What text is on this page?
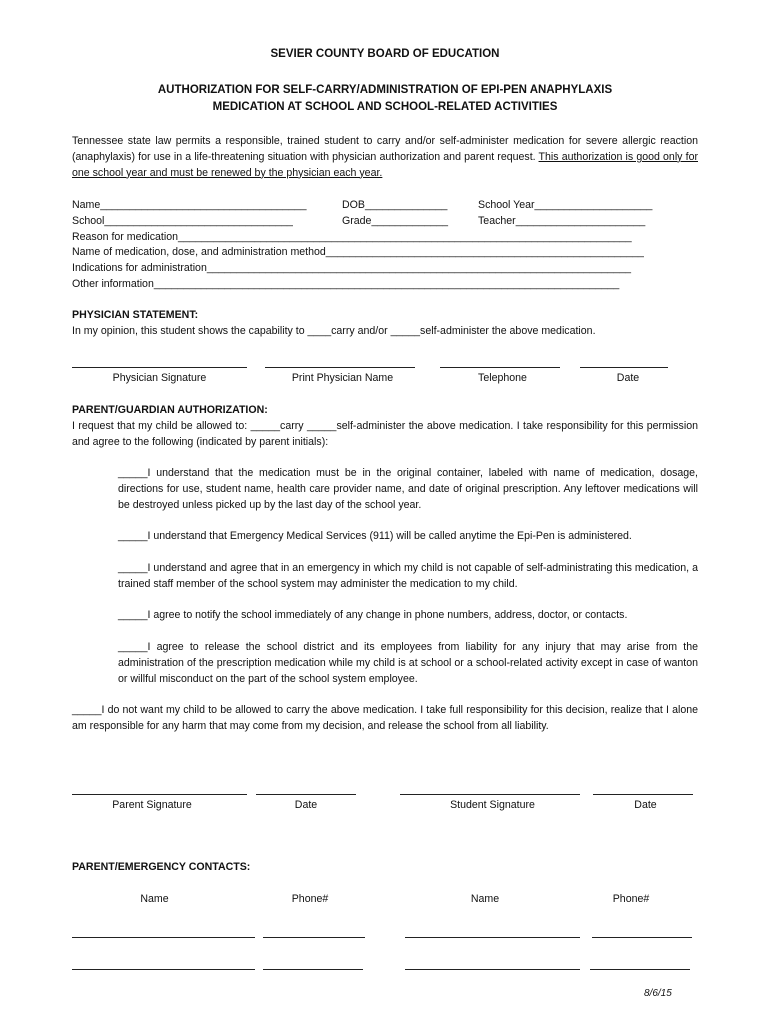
SEVIER COUNTY BOARD OF EDUCATION
AUTHORIZATION FOR SELF-CARRY/ADMINISTRATION OF EPI-PEN ANAPHYLAXIS
MEDICATION AT SCHOOL AND SCHOOL-RELATED ACTIVITIES
Tennessee state law permits a responsible, trained student to carry and/or self-administer medication for severe allergic reaction (anaphylaxis) for use in a life-threatening situation with physician authorization and parent request. This authorization is good only for one school year and must be renewed by the physician each year.
Name___________________________________	DOB______________	School Year____________________
School________________________________	Grade_____________	Teacher______________________
Reason for medication_____________________________________________________________________________
Name of medication, dose, and administration method______________________________________________________
Indications for administration________________________________________________________________________
Other information_______________________________________________________________________________
PHYSICIAN STATEMENT:
In my opinion, this student shows the capability to ____carry and/or _____self-administer the above medication.
Physician Signature	Print Physician Name	Telephone	Date
PARENT/GUARDIAN AUTHORIZATION:
I request that my child be allowed to: _____carry _____self-administer the above medication. I take responsibility for this permission and agree to the following (indicated by parent initials):
_____I understand that the medication must be in the original container, labeled with name of medication, dosage, directions for use, student name, health care provider name, and date of original prescription. Any leftover medications will be destroyed unless picked up by the last day of the school year.
_____I understand that Emergency Medical Services (911) will be called anytime the Epi-Pen is administered.
_____I understand and agree that in an emergency in which my child is not capable of self-administrating this medication, a trained staff member of the school system may administer the medication to my child.
_____I agree to notify the school immediately of any change in phone numbers, address, doctor, or contacts.
_____I agree to release the school district and its employees from liability for any injury that may arise from the administration of the prescription medication while my child is at school or a school-related activity except in case of wanton or willful misconduct on the part of the school system employee.
_____I do not want my child to be allowed to carry the above medication. I take full responsibility for this decision, realize that I alone am responsible for any harm that may come from my decision, and release the school from all liability.
Parent Signature	Date	Student Signature	Date
PARENT/EMERGENCY CONTACTS:
Name	Phone#	Name	Phone#
8/6/15
